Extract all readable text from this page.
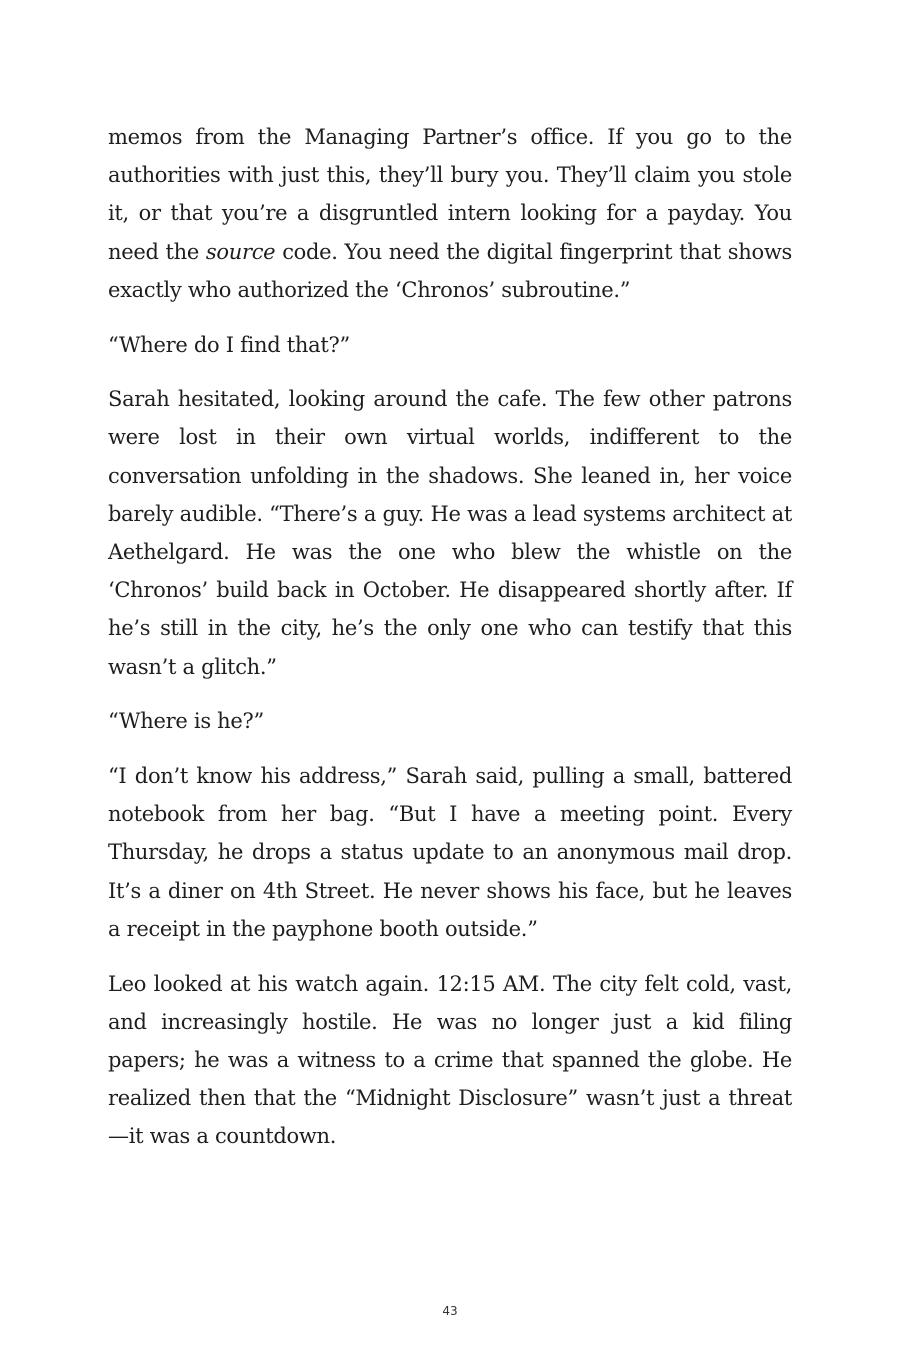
memos from the Managing Partner’s office. If you go to the authorities with just this, they’ll bury you. They’ll claim you stole it, or that you’re a disgruntled intern looking for a payday. You need the source code. You need the digital fingerprint that shows exactly who authorized the ‘Chronos’ subroutine.”

“Where do I find that?”

Sarah hesitated, looking around the cafe. The few other patrons were lost in their own virtual worlds, indifferent to the conversation unfolding in the shadows. She leaned in, her voice barely audible. “There’s a guy. He was a lead systems architect at Aethelgard. He was the one who blew the whistle on the ‘Chronos’ build back in October. He disappeared shortly after. If he’s still in the city, he’s the only one who can testify that this wasn’t a glitch.”

“Where is he?”

“I don’t know his address,” Sarah said, pulling a small, battered notebook from her bag. “But I have a meeting point. Every Thursday, he drops a status update to an anonymous mail drop. It’s a diner on 4th Street. He never shows his face, but he leaves a receipt in the payphone booth outside.”

Leo looked at his watch again. 12:15 AM. The city felt cold, vast, and increasingly hostile. He was no longer just a kid filing papers; he was a witness to a crime that spanned the globe. He realized then that the “Midnight Disclosure” wasn’t just a threat —it was a countdown.

43
